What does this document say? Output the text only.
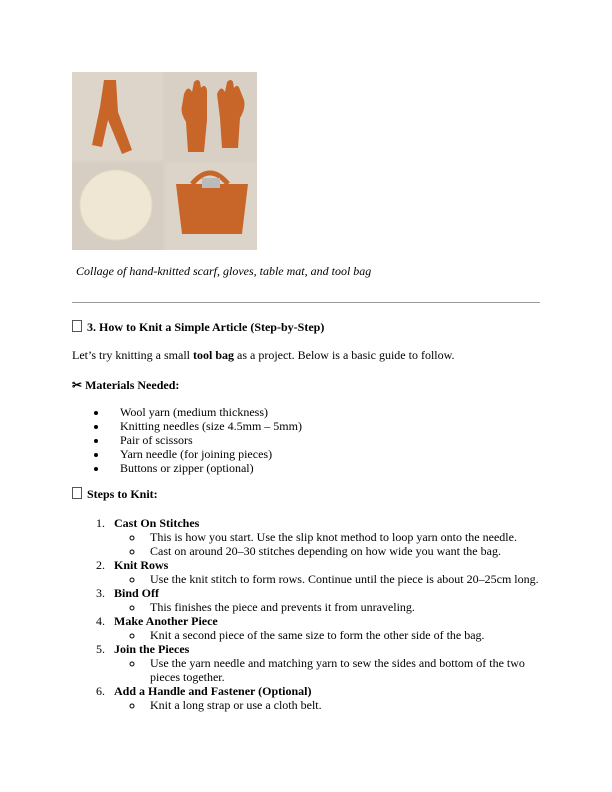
Collage of hand-knitted scarf, gloves, table mat, and tool bag
3. How to Knit a Simple Article (Step-by-Step)
Let’s try knitting a small tool bag as a project. Below is a basic guide to follow.
✂ Materials Needed:
• Wool yarn (medium thickness)
• Knitting needles (size 4.5mm – 5mm)
• Pair of scissors
• Yarn needle (for joining pieces)
• Buttons or zipper (optional)
Steps to Knit:
1. Cast On Stitches
◦ This is how you start. Use the slip knot method to loop yarn onto the needle.
◦ Cast on around 20–30 stitches depending on how wide you want the bag.
2. Knit Rows
◦ Use the knit stitch to form rows. Continue until the piece is about 20–25cm long.
3. Bind Off
◦ This finishes the piece and prevents it from unraveling.
4. Make Another Piece
◦ Knit a second piece of the same size to form the other side of the bag.
5. Join the Pieces
◦ Use the yarn needle and matching yarn to sew the sides and bottom of the two pieces together.
6. Add a Handle and Fastener (Optional)
◦ Knit a long strap or use a cloth belt.
